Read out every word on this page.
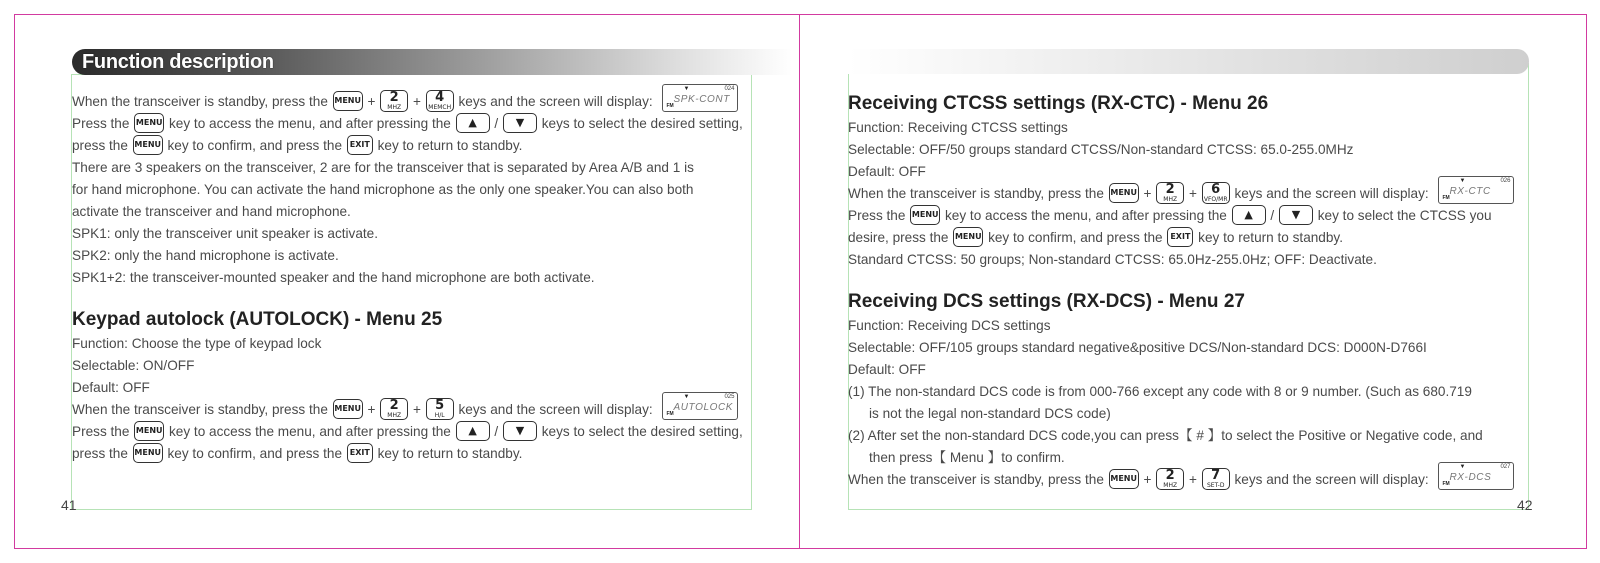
Function description
When the transceiver is standby, press the MENU +	2
MHZ +	4
MEMCH keys and the screen will display:
▼	024
SPK-CONT
FM
Press the MENU key to access the menu, and after pressing the ▲ / ▼ keys to select the desired setting,
press the MENU key to confirm, and press the EXIT key to return to standby.
There are 3 speakers on the transceiver, 2 are for the transceiver that is separated by Area A/B and 1 is
for hand microphone. You can activate the hand microphone as the only one speaker.You can also both
activate the transceiver and hand microphone.
SPK1: only the transceiver unit speaker is activate.
SPK2: only the hand microphone is activate.
SPK1+2: the transceiver-mounted speaker and the hand microphone are both activate.
Keypad autolock (AUTOLOCK) - Menu 25
Function: Choose the type of keypad lock
Selectable: ON/OFF
Default: OFF
When the transceiver is standby, press the MENU +	2
MHZ +	5
H/L	keys and the screen will display:
▼	025
AUTOLOCK
FM
Press the MENU key to access the menu, and after pressing the ▲ / ▼ keys to select the desired setting,
press the MENU key to confirm, and press the EXIT key to return to standby.
Receiving CTCSS settings (RX-CTC) - Menu 26
Function: Receiving CTCSS settings
Selectable: OFF/50 groups standard CTCSS/Non-standard CTCSS: 65.0-255.0MHz
Default: OFF
When the transceiver is standby, press the MENU +	2
MHZ +	6
VFO/MR keys and the screen will display:
▼	026
RX-CTC
FM
Press the MENU key to access the menu, and after pressing the ▲ / ▼ key to select the CTCSS you
desire, press the MENU key to confirm, and press the EXIT key to return to standby.
Standard CTCSS: 50 groups; Non-standard CTCSS: 65.0Hz-255.0Hz; OFF: Deactivate.
Receiving DCS settings (RX-DCS) - Menu 27
Function: Receiving DCS settings
Selectable: OFF/105 groups standard negative&positive DCS/Non-standard DCS: D000N-D766I
Default: OFF
(1) The non-standard DCS code is from 000-766 except any code with 8 or 9 number. (Such as 680.719
is not the legal non-standard DCS code)
(2) After set the non-standard DCS code,you can press【 # 】to select the Positive or Negative code, and
then press【 Menu 】to confirm.
When the transceiver is standby, press the MENU +	2
MHZ +	7
SET-D keys and the screen will display:
▼	027
RX-DCS
FM
41	42
